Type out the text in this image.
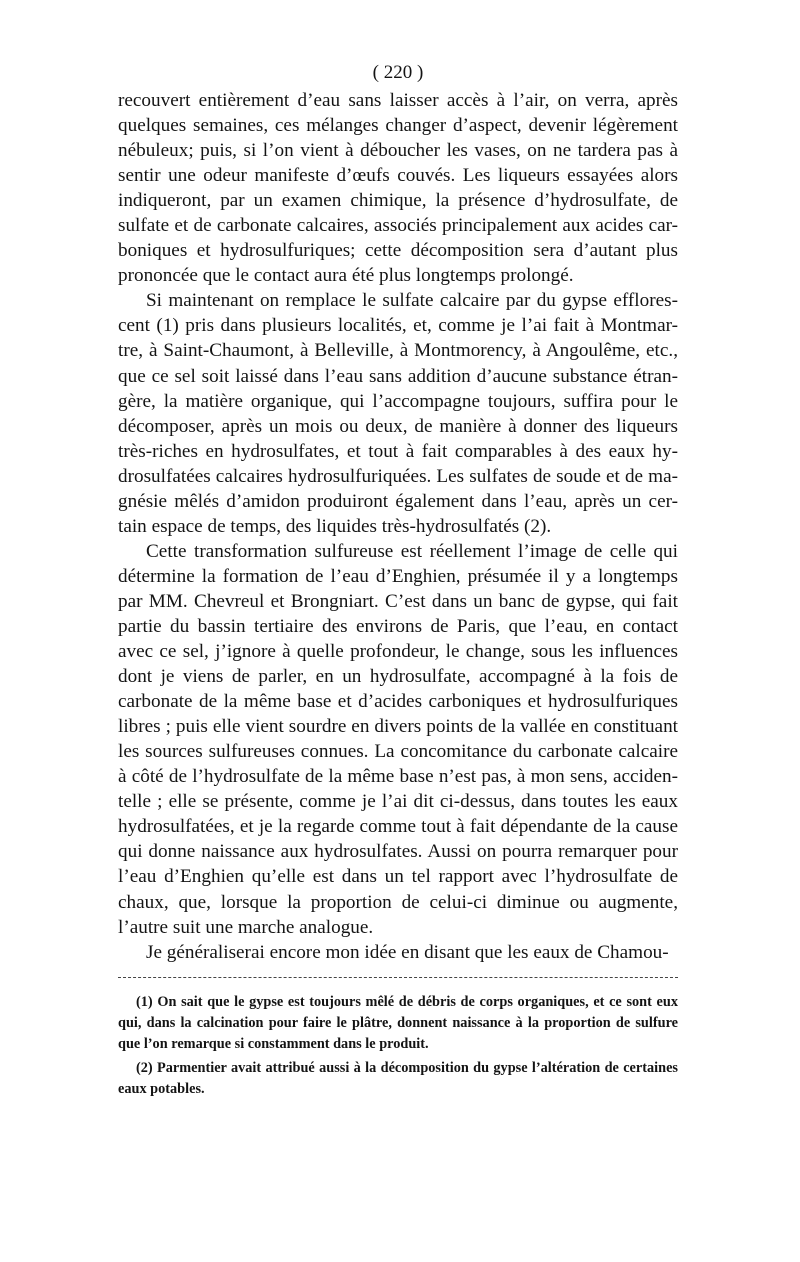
( 220 )

recouvert entièrement d’eau sans laisser accès à l’air, on verra, après quelques semaines, ces mélanges changer d’aspect, devenir légèrement nébuleux; puis, si l’on vient à déboucher les vases, on ne tardera pas à sentir une odeur manifeste d’œufs couvés. Les liqueurs essayées alors indiqueront, par un examen chimique, la présence d’hydrosulfate, de sulfate et de carbonate calcaires, associés principalement aux acides car-boniques et hydrosulfuriques; cette décomposition sera d’autant plus prononcée que le contact aura été plus longtemps prolongé.

Si maintenant on remplace le sulfate calcaire par du gypse efflores-cent (1) pris dans plusieurs localités, et, comme je l’ai fait à Montmar-tre, à Saint-Chaumont, à Belleville, à Montmorency, à Angoulême, etc., que ce sel soit laissé dans l’eau sans addition d’aucune substance étran-gère, la matière organique, qui l’accompagne toujours, suffira pour le décomposer, après un mois ou deux, de manière à donner des liqueurs très-riches en hydrosulfates, et tout à fait comparables à des eaux hy-drosulfatées calcaires hydrosulfuriquées. Les sulfates de soude et de ma-gnésie mêlés d’amidon produiront également dans l’eau, après un cer-tain espace de temps, des liquides très-hydrosulfatés (2).

Cette transformation sulfureuse est réellement l’image de celle qui détermine la formation de l’eau d’Enghien, présumée il y a longtemps par MM. Chevreul et Brongniart. C’est dans un banc de gypse, qui fait partie du bassin tertiaire des environs de Paris, que l’eau, en contact avec ce sel, j’ignore à quelle profondeur, le change, sous les influences dont je viens de parler, en un hydrosulfate, accompagné à la fois de carbonate de la même base et d’acides carboniques et hydrosulfuriques libres ; puis elle vient sourdre en divers points de la vallée en constituant les sources sulfureuses connues. La concomitance du carbonate calcaire à côté de l’hydrosulfate de la même base n’est pas, à mon sens, acciden-telle ; elle se présente, comme je l’ai dit ci-dessus, dans toutes les eaux hydrosulfatées, et je la regarde comme tout à fait dépendante de la cause qui donne naissance aux hydrosulfates. Aussi on pourra remarquer pour l’eau d’Enghien qu’elle est dans un tel rapport avec l’hydrosulfate de chaux, que, lorsque la proportion de celui-ci diminue ou augmente, l’autre suit une marche analogue.

Je généraliserai encore mon idée en disant que les eaux de Chamou-

(1) On sait que le gypse est toujours mêlé de débris de corps organiques, et ce sont eux qui, dans la calcination pour faire le plâtre, donnent naissance à la proportion de sulfure que l’on remarque si constamment dans le produit.

(2) Parmentier avait attribué aussi à la décomposition du gypse l’altération de certaines eaux potables.
